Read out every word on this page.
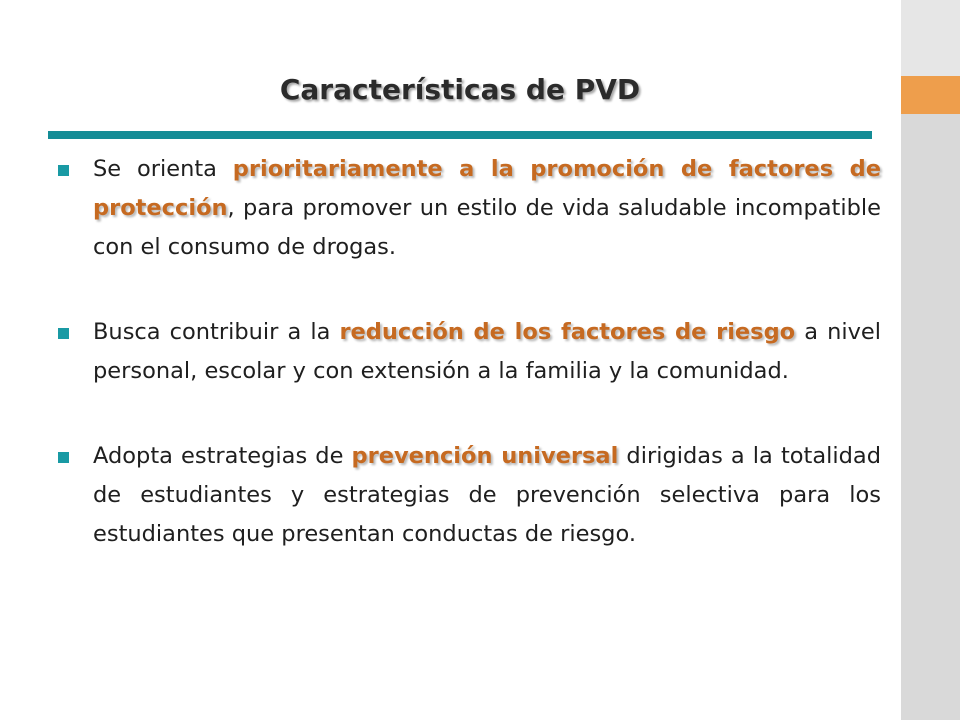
Características de PVD
Se orienta prioritariamente a la promoción de factores de protección, para promover un estilo de vida saludable incompatible con el consumo de drogas.
Busca contribuir a la reducción de los factores de riesgo a nivel personal, escolar y con extensión a la familia y la comunidad.
Adopta estrategias de prevención universal dirigidas a la totalidad de estudiantes y estrategias de prevención selectiva para los estudiantes que presentan conductas de riesgo.
